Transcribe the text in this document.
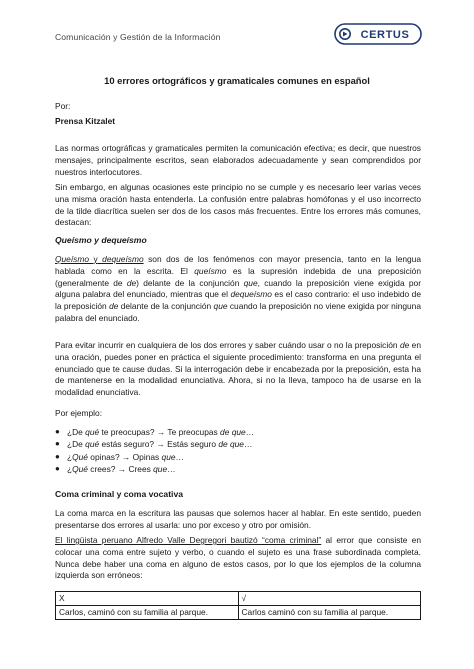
Comunicación y Gestión de la Información	CERTUS
10 errores ortográficos y gramaticales comunes en español
Por:
Prensa Kitzalet

Las normas ortográficas y gramaticales permiten la comunicación efectiva; es decir, que nuestros mensajes, principalmente escritos, sean elaborados adecuadamente y sean comprendidos por nuestros interlocutores.

Sin embargo, en algunas ocasiones este principio no se cumple y es necesario leer varias veces una misma oración hasta entenderla. La confusión entre palabras homófonas y el uso incorrecto de la tilde diacrítica suelen ser dos de los casos más frecuentes. Entre los errores más comunes, destacan:

Queísmo y dequeísmo

Queísmo y dequeísmo son dos de los fenómenos con mayor presencia, tanto en la lengua hablada como en la escrita. El queísmo es la supresión indebida de una preposición (generalmente de de) delante de la conjunción que, cuando la preposición viene exigida por alguna palabra del enunciado, mientras que el dequeísmo es el caso contrario: el uso indebido de la preposición de delante de la conjunción que cuando la preposición no viene exigida por ninguna palabra del enunciado.

Para evitar incurrir en cualquiera de los dos errores y saber cuándo usar o no la preposición de en una oración, puedes poner en práctica el siguiente procedimiento: transforma en una pregunta el enunciado que te cause dudas. Si la interrogación debe ir encabezada por la preposición, esta ha de mantenerse en la modalidad enunciativa. Ahora, si no la lleva, tampoco ha de usarse en la modalidad enunciativa.

Por ejemplo:
● ¿De qué te preocupas? → Te preocupas de que…
● ¿De qué estás seguro? → Estás seguro de que…
● ¿Qué opinas? → Opinas que…
● ¿Qué crees? → Crees que…
Coma criminal y coma vocativa

La coma marca en la escritura las pausas que solemos hacer al hablar. En este sentido, pueden presentarse dos errores al usarla: uno por exceso y otro por omisión.

El lingüista peruano Alfredo Valle Degregori bautizó “coma criminal” al error que consiste en colocar una coma entre sujeto y verbo, o cuando el sujeto es una frase subordinada completa. Nunca debe haber una coma en alguno de estos casos, por lo que los ejemplos de la columna izquierda son erróneos:

X	√
Carlos, caminó con su familia al parque.	Carlos caminó con su familia al parque.
